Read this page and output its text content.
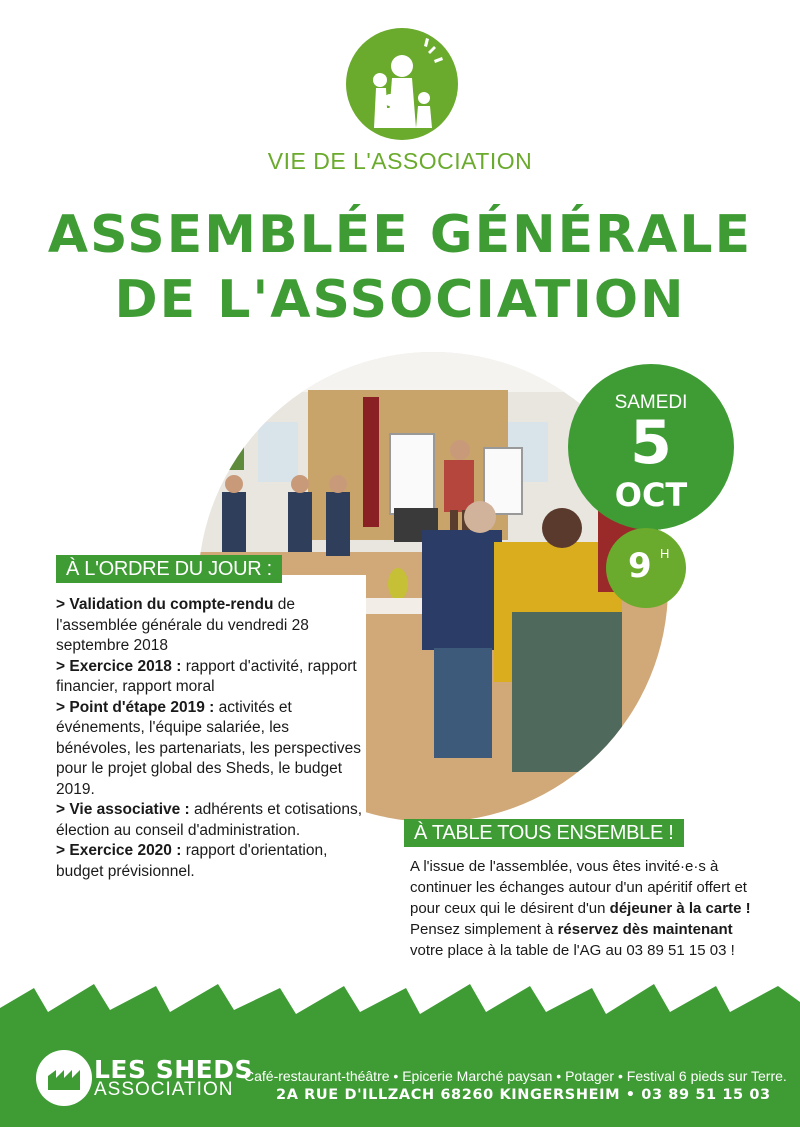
VIE DE L'ASSOCIATION
ASSEMBLÉE GÉNÉRALE
DE L'ASSOCIATION
SAMEDI
5
OCT
9 H
À L'ORDRE DU JOUR :
> Validation du compte-rendu de l'assemblée générale du vendredi 28 septembre 2018
> Exercice 2018 : rapport d'activité, rapport financier, rapport moral
> Point d'étape 2019 : activités et événements, l'équipe salariée, les bénévoles, les partenariats, les perspectives pour le projet global des Sheds, le budget 2019.
> Vie associative : adhérents et cotisations, élection au conseil d'administration.
> Exercice 2020 : rapport d'orientation, budget prévisionnel.
À TABLE TOUS ENSEMBLE !
A l'issue de l'assemblée, vous êtes invité·e·s à continuer les échanges autour d'un apéritif offert et pour ceux qui le désirent d'un déjeuner à la carte !
Pensez simplement à réservez dès maintenant votre place à la table de l'AG au 03 89 51 15 03 !
LES SHEDS
ASSOCIATION
Café-restaurant-théâtre • Epicerie Marché paysan • Potager • Festival 6 pieds sur Terre.
2A RUE D'ILLZACH 68260 KINGERSHEIM • 03 89 51 15 03
